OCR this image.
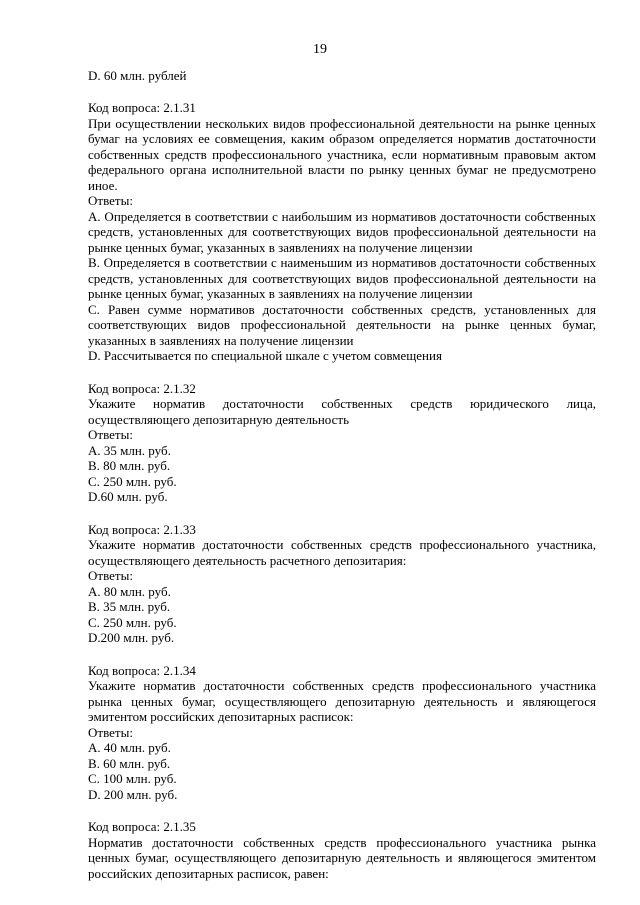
19
D. 60 млн. рублей
Код вопроса: 2.1.31
При осуществлении нескольких видов профессиональной деятельности на рынке ценных
бумаг на условиях ее совмещения, каким образом определяется норматив достаточности
собственных средств профессионального участника, если нормативным правовым актом
федерального органа исполнительной власти по рынку ценных бумаг не предусмотрено
иное.
Ответы:
A. Определяется в соответствии с наибольшим из нормативов достаточности собственных
средств, установленных для соответствующих видов профессиональной деятельности на
рынке ценных бумаг, указанных в заявлениях на получение лицензии
B. Определяется в соответствии с наименьшим из нормативов достаточности собственных
средств, установленных для соответствующих видов профессиональной деятельности на
рынке ценных бумаг, указанных в заявлениях на получение лицензии
C. Равен сумме нормативов достаточности собственных средств, установленных для
соответствующих видов профессиональной деятельности на рынке ценных бумаг,
указанных в заявлениях на получение лицензии
D. Рассчитывается по специальной шкале с учетом совмещения
Код вопроса: 2.1.32
Укажите норматив достаточности собственных средств юридического лица,
осуществляющего депозитарную деятельность
Ответы:
A. 35 млн. руб.
B. 80 млн. руб.
C. 250 млн. руб.
D.60 млн. руб.
Код вопроса: 2.1.33
Укажите норматив достаточности собственных средств профессионального участника,
осуществляющего деятельность расчетного депозитария:
Ответы:
A. 80 млн. руб.
B. 35 млн. руб.
C. 250 млн. руб.
D.200 млн. руб.
Код вопроса: 2.1.34
Укажите норматив достаточности собственных средств профессионального участника
рынка ценных бумаг, осуществляющего депозитарную деятельность и являющегося
эмитентом российских депозитарных расписок:
Ответы:
A. 40 млн. руб.
B. 60 млн. руб.
C. 100 млн. руб.
D. 200 млн. руб.
Код вопроса: 2.1.35
Норматив достаточности собственных средств профессионального участника рынка
ценных бумаг, осуществляющего депозитарную деятельность и являющегося эмитентом
российских депозитарных расписок, равен:
